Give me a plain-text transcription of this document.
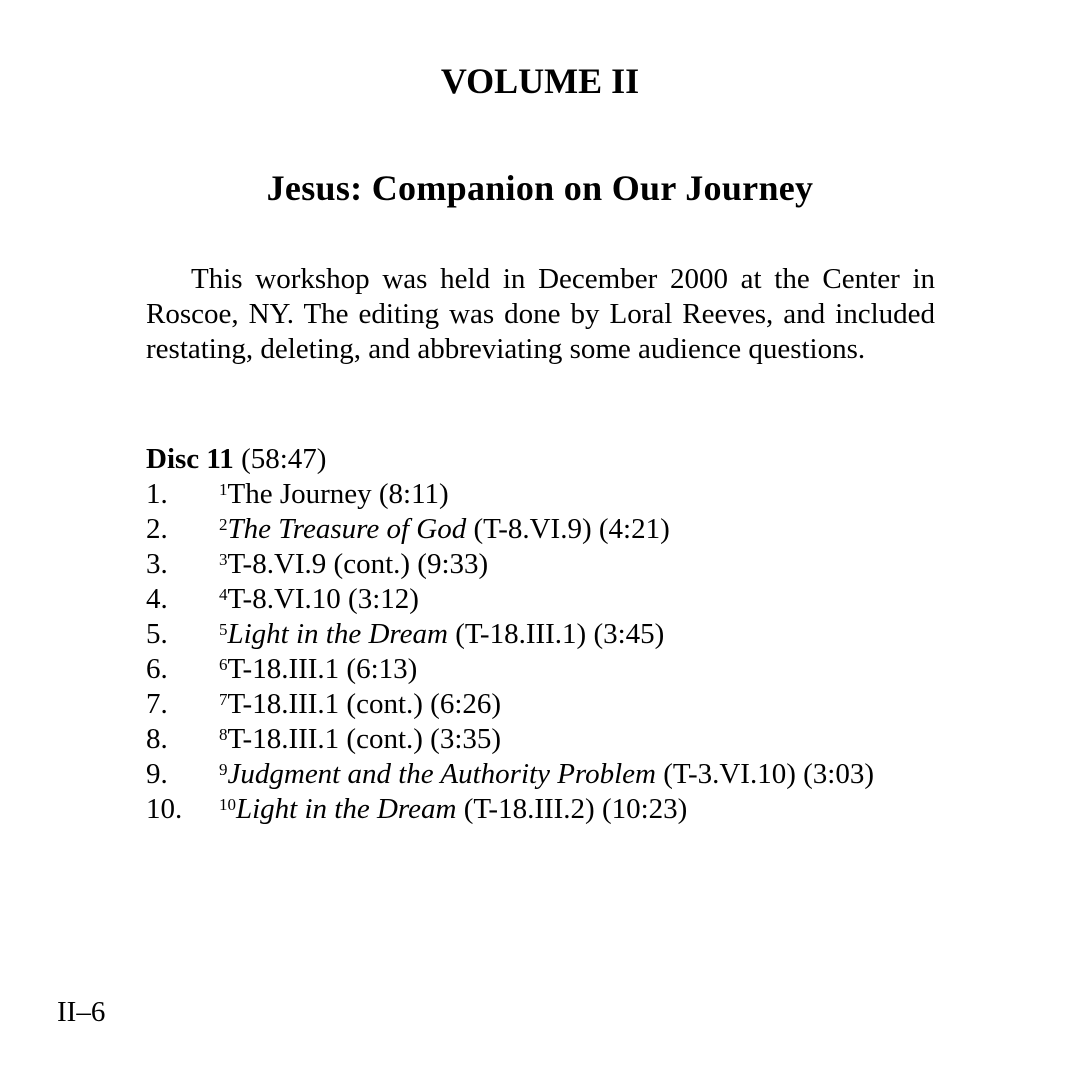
VOLUME II
Jesus: Companion on Our Journey

This workshop was held in December 2000 at the Center in Roscoe, NY. The editing was done by Loral Reeves, and included restating, deleting, and abbreviating some audience questions.

Disc 11 (58:47)

1.	$^1$The Journey (8:11)
2.	$^2$The Treasure of God (T-8.VI.9) (4:21)
3.	$^3$T-8.VI.9 (cont.) (9:33)
4.	$^4$T-8.VI.10 (3:12)
5.	$^5$Light in the Dream (T-18.III.1) (3:45)
6.	$^6$T-18.III.1 (6:13)
7.	$^7$T-18.III.1 (cont.) (6:26)
8.	$^8$T-18.III.1 (cont.) (3:35)
9.	$^9$Judgment and the Authority Problem (T-3.VI.10) (3:03)
10.	$^{10}$Light in the Dream (T-18.III.2) (10:23)

II–6
